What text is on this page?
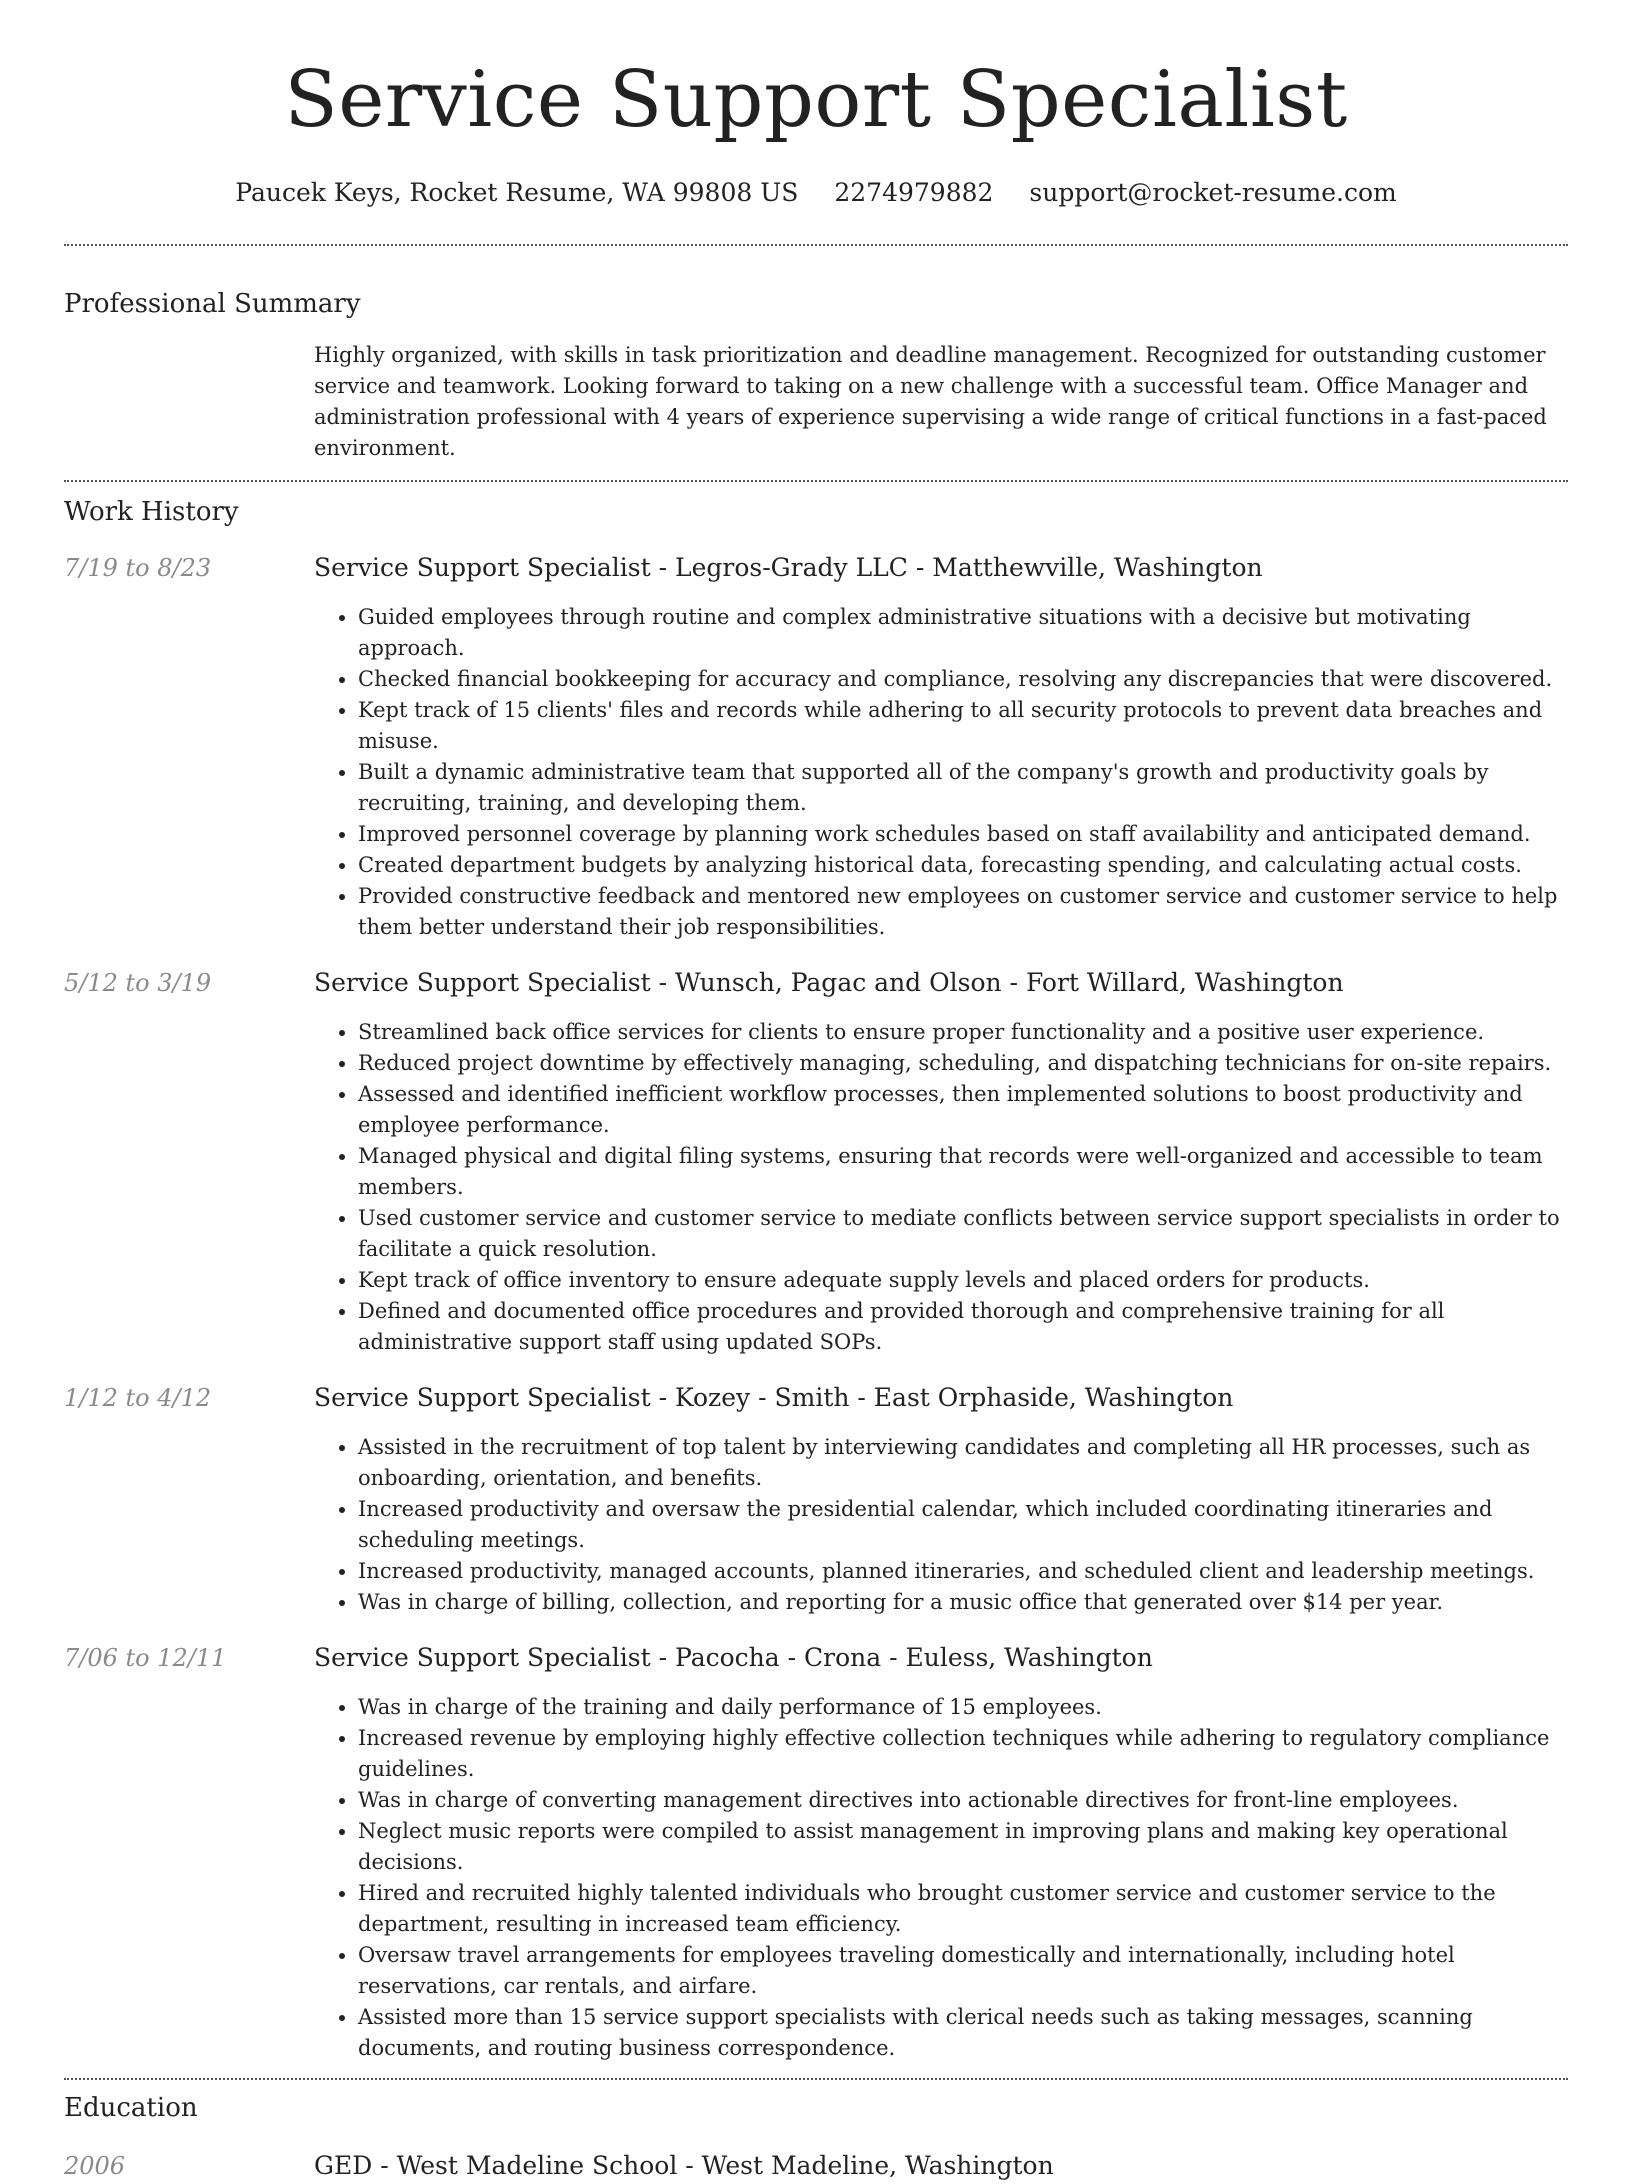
Service Support Specialist
Paucek Keys, Rocket Resume, WA 99808 US 2274979882 support@rocket-resume.com
Professional Summary

Highly organized, with skills in task prioritization and deadline management. Recognized for outstanding customer service and teamwork. Looking forward to taking on a new challenge with a successful team. Office Manager and administration professional with 4 years of experience supervising a wide range of critical functions in a fast-paced environment.

Work History
7/19 to 8/23	Service Support Specialist - Legros-Grady LLC - Matthewville, Washington
• Guided employees through routine and complex administrative situations with a decisive but motivating approach.
• Checked financial bookkeeping for accuracy and compliance, resolving any discrepancies that were discovered.
• Kept track of 15 clients' files and records while adhering to all security protocols to prevent data breaches and misuse.
• Built a dynamic administrative team that supported all of the company's growth and productivity goals by recruiting, training, and developing them.
• Improved personnel coverage by planning work schedules based on staff availability and anticipated demand.
• Created department budgets by analyzing historical data, forecasting spending, and calculating actual costs.
• Provided constructive feedback and mentored new employees on customer service and customer service to help them better understand their job responsibilities.
5/12 to 3/19	Service Support Specialist - Wunsch, Pagac and Olson - Fort Willard, Washington
• Streamlined back office services for clients to ensure proper functionality and a positive user experience.
• Reduced project downtime by effectively managing, scheduling, and dispatching technicians for on-site repairs.
• Assessed and identified inefficient workflow processes, then implemented solutions to boost productivity and employee performance.
• Managed physical and digital filing systems, ensuring that records were well-organized and accessible to team members.
• Used customer service and customer service to mediate conflicts between service support specialists in order to facilitate a quick resolution.
• Kept track of office inventory to ensure adequate supply levels and placed orders for products.
• Defined and documented office procedures and provided thorough and comprehensive training for all administrative support staff using updated SOPs.
1/12 to 4/12	Service Support Specialist - Kozey - Smith - East Orphaside, Washington
• Assisted in the recruitment of top talent by interviewing candidates and completing all HR processes, such as onboarding, orientation, and benefits.
• Increased productivity and oversaw the presidential calendar, which included coordinating itineraries and scheduling meetings.
• Increased productivity, managed accounts, planned itineraries, and scheduled client and leadership meetings.
• Was in charge of billing, collection, and reporting for a music office that generated over $14 per year.
7/06 to 12/11	Service Support Specialist - Pacocha - Crona - Euless, Washington
• Was in charge of the training and daily performance of 15 employees.
• Increased revenue by employing highly effective collection techniques while adhering to regulatory compliance guidelines.
• Was in charge of converting management directives into actionable directives for front-line employees.
• Neglect music reports were compiled to assist management in improving plans and making key operational decisions.
• Hired and recruited highly talented individuals who brought customer service and customer service to the department, resulting in increased team efficiency.
• Oversaw travel arrangements for employees traveling domestically and internationally, including hotel reservations, car rentals, and airfare.
• Assisted more than 15 service support specialists with clerical needs such as taking messages, scanning documents, and routing business correspondence.
Education
2006	GED - West Madeline School - West Madeline, Washington
